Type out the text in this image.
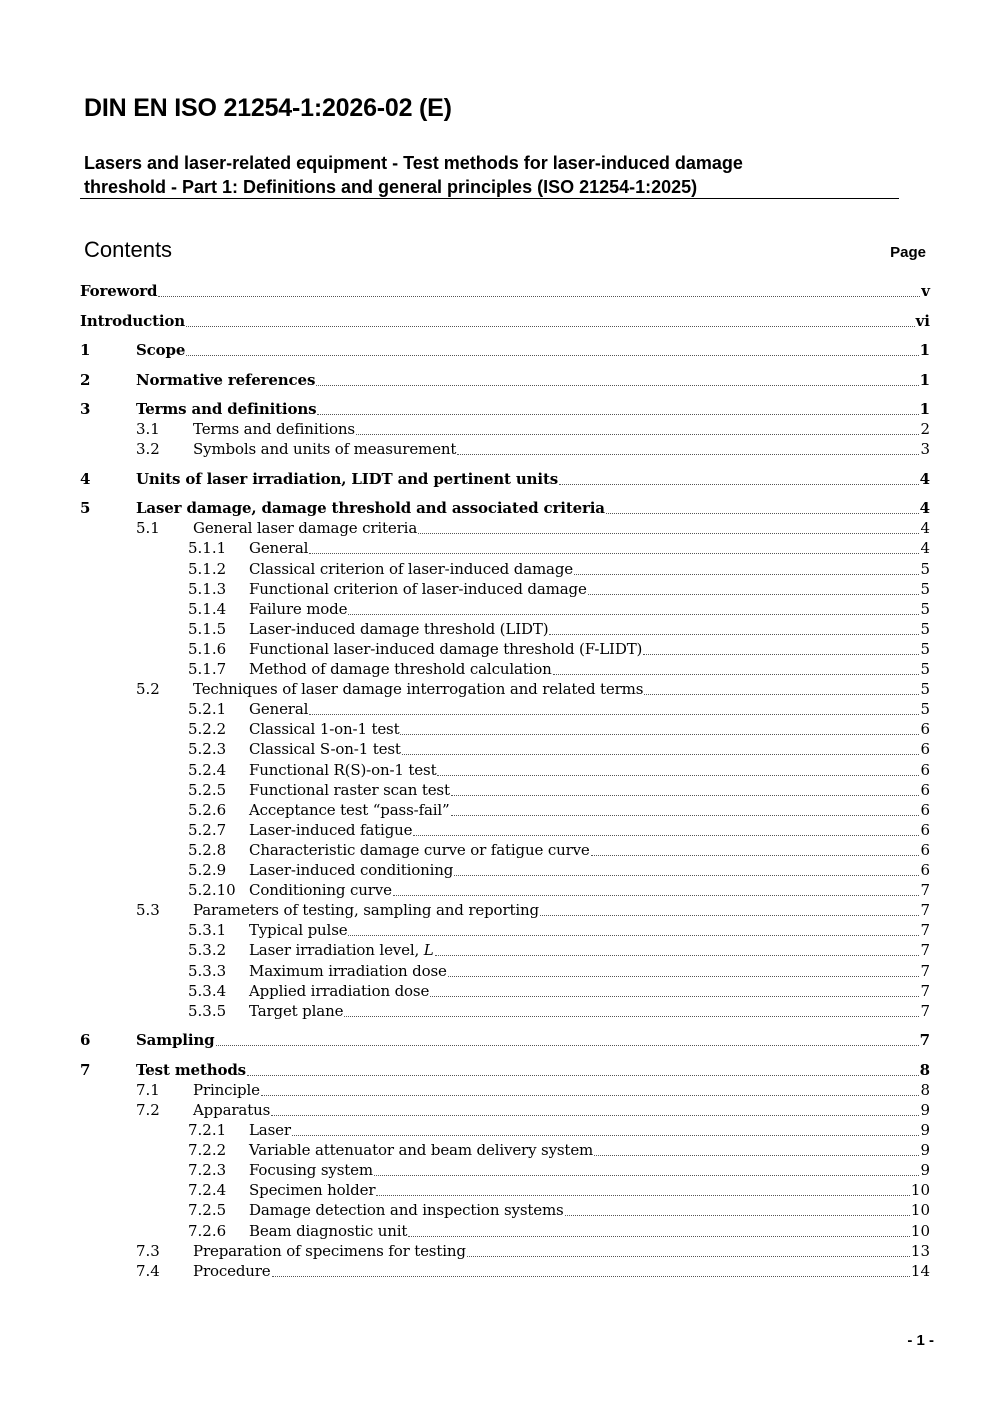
DIN EN ISO 21254-1:2026-02 (E)
Lasers and laser-related equipment - Test methods for laser-induced damage
threshold - Part 1: Definitions and general principles (ISO 21254-1:2025)
Contents	Page
Foreword	v
Introduction	vi
1	Scope	1
2	Normative references	1
3	Terms and definitions	1
3.1 Terms and definitions	2
3.2 Symbols and units of measurement	3
4	Units of laser irradiation, LIDT and pertinent units	4
5	Laser damage, damage threshold and associated criteria	4
5.1 General laser damage criteria	4
5.1.1 General	4
5.1.2 Classical criterion of laser-induced damage	5
5.1.3 Functional criterion of laser-induced damage	5
5.1.4 Failure mode	5
5.1.5 Laser-induced damage threshold (LIDT)	5
5.1.6 Functional laser-induced damage threshold (F-LIDT)	5
5.1.7 Method of damage threshold calculation	5
5.2 Techniques of laser damage interrogation and related terms	5
5.2.1 General	5
5.2.2 Classical 1-on-1 test	6
5.2.3 Classical S-on-1 test	6
5.2.4 Functional R(S)-on-1 test	6
5.2.5 Functional raster scan test	6
5.2.6 Acceptance test “pass-fail”	6
5.2.7 Laser-induced fatigue	6
5.2.8 Characteristic damage curve or fatigue curve	6
5.2.9 Laser-induced conditioning	6
5.2.10 Conditioning curve	7
5.3 Parameters of testing, sampling and reporting	7
5.3.1 Typical pulse	7
5.3.2 Laser irradiation level, L	7
5.3.3 Maximum irradiation dose	7
5.3.4 Applied irradiation dose	7
5.3.5 Target plane	7
6	Sampling	7
7	Test methods	8
7.1 Principle	8
7.2 Apparatus	9
7.2.1 Laser	9
7.2.2 Variable attenuator and beam delivery system	9
7.2.3 Focusing system	9
7.2.4 Specimen holder	10
7.2.5 Damage detection and inspection systems	10
7.2.6 Beam diagnostic unit	10
7.3 Preparation of specimens for testing	13
7.4 Procedure	14
- 1 -
